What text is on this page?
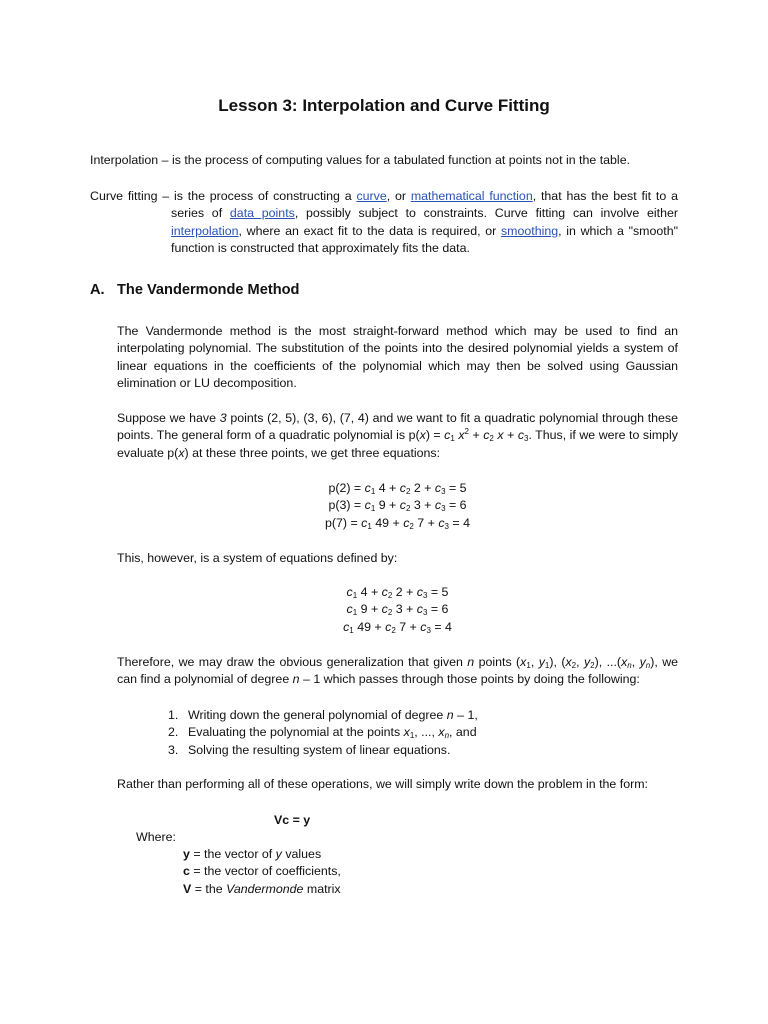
Lesson 3: Interpolation and Curve Fitting
Interpolation – is the process of computing values for a tabulated function at points not in the table.
Curve fitting – is the process of constructing a curve, or mathematical function, that has the best fit to a series of data points, possibly subject to constraints. Curve fitting can involve either interpolation, where an exact fit to the data is required, or smoothing, in which a "smooth" function is constructed that approximately fits the data.
A. The Vandermonde Method
The Vandermonde method is the most straight-forward method which may be used to find an interpolating polynomial. The substitution of the points into the desired polynomial yields a system of linear equations in the coefficients of the polynomial which may then be solved using Gaussian elimination or LU decomposition.
Suppose we have 3 points (2, 5), (3, 6), (7, 4) and we want to fit a quadratic polynomial through these points. The general form of a quadratic polynomial is $p(x) = c_1$ $x^2 + c_2$ $x + c_3$. Thus, if we were to simply evaluate p(x) at these three points, we get three equations:
$p(2) = c_1$ $4 + c_2$ $2 + c_3 = 5$
$p(3) = c_1$ $9 + c_2$ $3 + c_3 = 6$
$p(7) = c_1$ $49 + c_2$ $7 + c_3 = 4$
This, however, is a system of equations defined by:
$c_1$ $4 + c_2$ $2 + c_3 = 5$
$c_1$ $9 + c_2$ $3 + c_3 = 6$
$c_1$ $49 + c_2$ $7 + c_3 = 4$
Therefore, we may draw the obvious generalization that given n points ($x_1$, $y_1$), ($x_2$, $y_2$), $...(x_n$, $y_n$), we can find a polynomial of degree n – 1 which passes through those points by doing the following:
1. Writing down the general polynomial of degree n – 1,
2. Evaluating the polynomial at the points $x_1$, ..., $x_n$, and
3. Solving the resulting system of linear equations.
Rather than performing all of these operations, we will simply write down the problem in the form:
Vc = y
Where:
y = the vector of y values
c = the vector of coefficients,
V = the Vandermonde matrix
